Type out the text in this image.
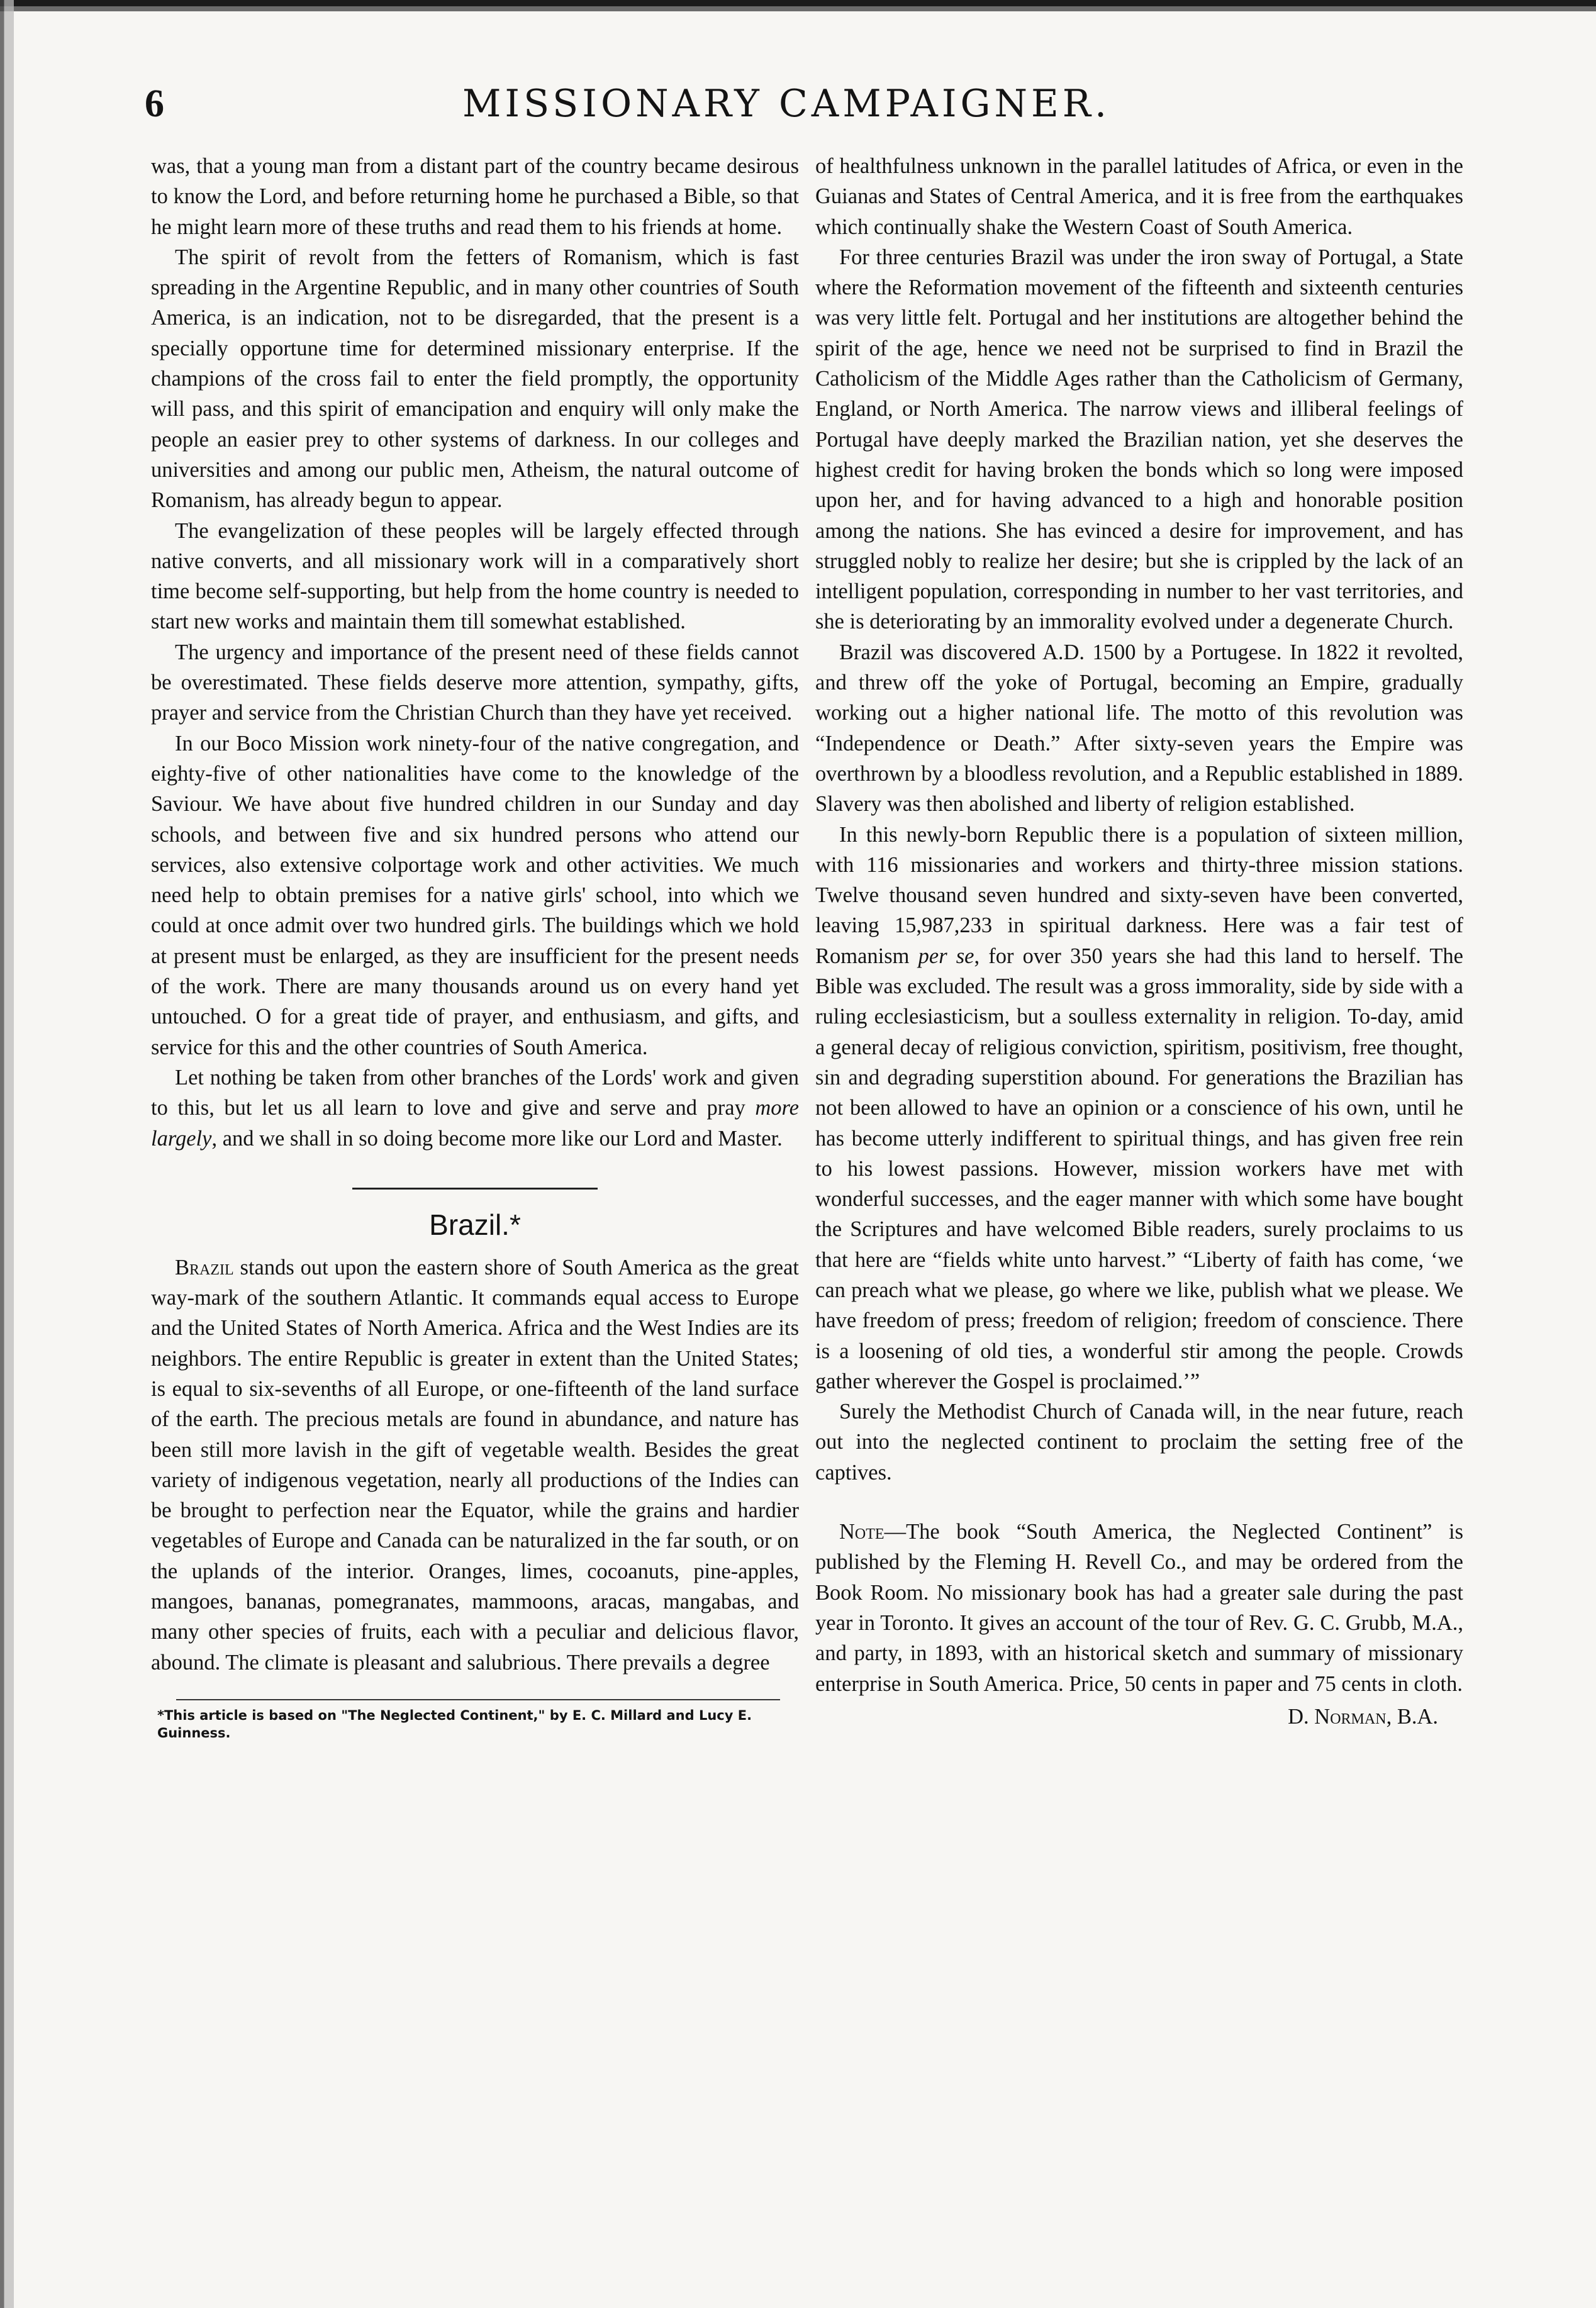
6	MISSIONARY CAMPAIGNER.

was, that a young man from a distant part of the country became desirous to know the Lord, and before returning home he purchased a Bible, so that he might learn more of these truths and read them to his friends at home.

The spirit of revolt from the fetters of Romanism, which is fast spreading in the Argentine Republic, and in many other countries of South America, is an indication, not to be disregarded, that the present is a specially opportune time for determined missionary enterprise. If the champions of the cross fail to enter the field promptly, the opportunity will pass, and this spirit of emancipation and enquiry will only make the people an easier prey to other systems of darkness. In our colleges and universities and among our public men, Atheism, the natural outcome of Romanism, has already begun to appear.

The evangelization of these peoples will be largely effected through native converts, and all missionary work will in a comparatively short time become self-supporting, but help from the home country is needed to start new works and maintain them till somewhat established.

The urgency and importance of the present need of these fields cannot be overestimated. These fields deserve more attention, sympathy, gifts, prayer and service from the Christian Church than they have yet received.

In our Boco Mission work ninety-four of the native congregation, and eighty-five of other nationalities have come to the knowledge of the Saviour. We have about five hundred children in our Sunday and day schools, and between five and six hundred persons who attend our services, also extensive colportage work and other activities. We much need help to obtain premises for a native girls' school, into which we could at once admit over two hundred girls. The buildings which we hold at present must be enlarged, as they are insufficient for the present needs of the work. There are many thousands around us on every hand yet untouched. O for a great tide of prayer, and enthusiasm, and gifts, and service for this and the other countries of South America.

Let nothing be taken from other branches of the Lords' work and given to this, but let us all learn to love and give and serve and pray more largely, and we shall in so doing become more like our Lord and Master.

Brazil.*

Brazil stands out upon the eastern shore of South America as the great way-mark of the southern Atlantic. It commands equal access to Europe and the United States of North America. Africa and the West Indies are its neighbors. The entire Republic is greater in extent than the United States; is equal to six-sevenths of all Europe, or one-fifteenth of the land surface of the earth. The precious metals are found in abundance, and nature has been still more lavish in the gift of vegetable wealth. Besides the great variety of indigenous vegetation, nearly all productions of the Indies can be brought to perfection near the Equator, while the grains and hardier vegetables of Europe and Canada can be naturalized in the far south, or on the uplands of the interior. Oranges, limes, cocoanuts, pine-apples, mangoes, bananas, pomegranates, mammoons, aracas, mangabas, and many other species of fruits, each with a peculiar and delicious flavor, abound. The climate is pleasant and salubrious. There prevails a degree

*This article is based on "The Neglected Continent," by E. C. Millard and Lucy E. Guinness.

of healthfulness unknown in the parallel latitudes of Africa, or even in the Guianas and States of Central America, and it is free from the earthquakes which continually shake the Western Coast of South America.

For three centuries Brazil was under the iron sway of Portugal, a State where the Reformation movement of the fifteenth and sixteenth centuries was very little felt. Portugal and her institutions are altogether behind the spirit of the age, hence we need not be surprised to find in Brazil the Catholicism of the Middle Ages rather than the Catholicism of Germany, England, or North America. The narrow views and illiberal feelings of Portugal have deeply marked the Brazilian nation, yet she deserves the highest credit for having broken the bonds which so long were imposed upon her, and for having advanced to a high and honorable position among the nations. She has evinced a desire for improvement, and has struggled nobly to realize her desire; but she is crippled by the lack of an intelligent population, corresponding in number to her vast territories, and she is deteriorating by an immorality evolved under a degenerate Church.

Brazil was discovered A.D. 1500 by a Portugese. In 1822 it revolted, and threw off the yoke of Portugal, becoming an Empire, gradually working out a higher national life. The motto of this revolution was “Independence or Death.” After sixty-seven years the Empire was overthrown by a bloodless revolution, and a Republic established in 1889. Slavery was then abolished and liberty of religion established.

In this newly-born Republic there is a population of sixteen million, with 116 missionaries and workers and thirty-three mission stations. Twelve thousand seven hundred and sixty-seven have been converted, leaving 15,987,233 in spiritual darkness. Here was a fair test of Romanism per se, for over 350 years she had this land to herself. The Bible was excluded. The result was a gross immorality, side by side with a ruling ecclesiasticism, but a soulless externality in religion. To-day, amid a general decay of religious conviction, spiritism, positivism, free thought, sin and degrading superstition abound. For generations the Brazilian has not been allowed to have an opinion or a conscience of his own, until he has become utterly indifferent to spiritual things, and has given free rein to his lowest passions. However, mission workers have met with wonderful successes, and the eager manner with which some have bought the Scriptures and have welcomed Bible readers, surely proclaims to us that here are “fields white unto harvest.” “Liberty of faith has come, ‘we can preach what we please, go where we like, publish what we please. We have freedom of press; freedom of religion; freedom of conscience. There is a loosening of old ties, a wonderful stir among the people. Crowds gather wherever the Gospel is proclaimed.’”

Surely the Methodist Church of Canada will, in the near future, reach out into the neglected continent to proclaim the setting free of the captives.

Note—The book “South America, the Neglected Continent” is published by the Fleming H. Revell Co., and may be ordered from the Book Room. No missionary book has had a greater sale during the past year in Toronto. It gives an account of the tour of Rev. G. C. Grubb, M.A., and party, in 1893, with an historical sketch and summary of missionary enterprise in South America. Price, 50 cents in paper and 75 cents in cloth.

D. Norman, B.A.
